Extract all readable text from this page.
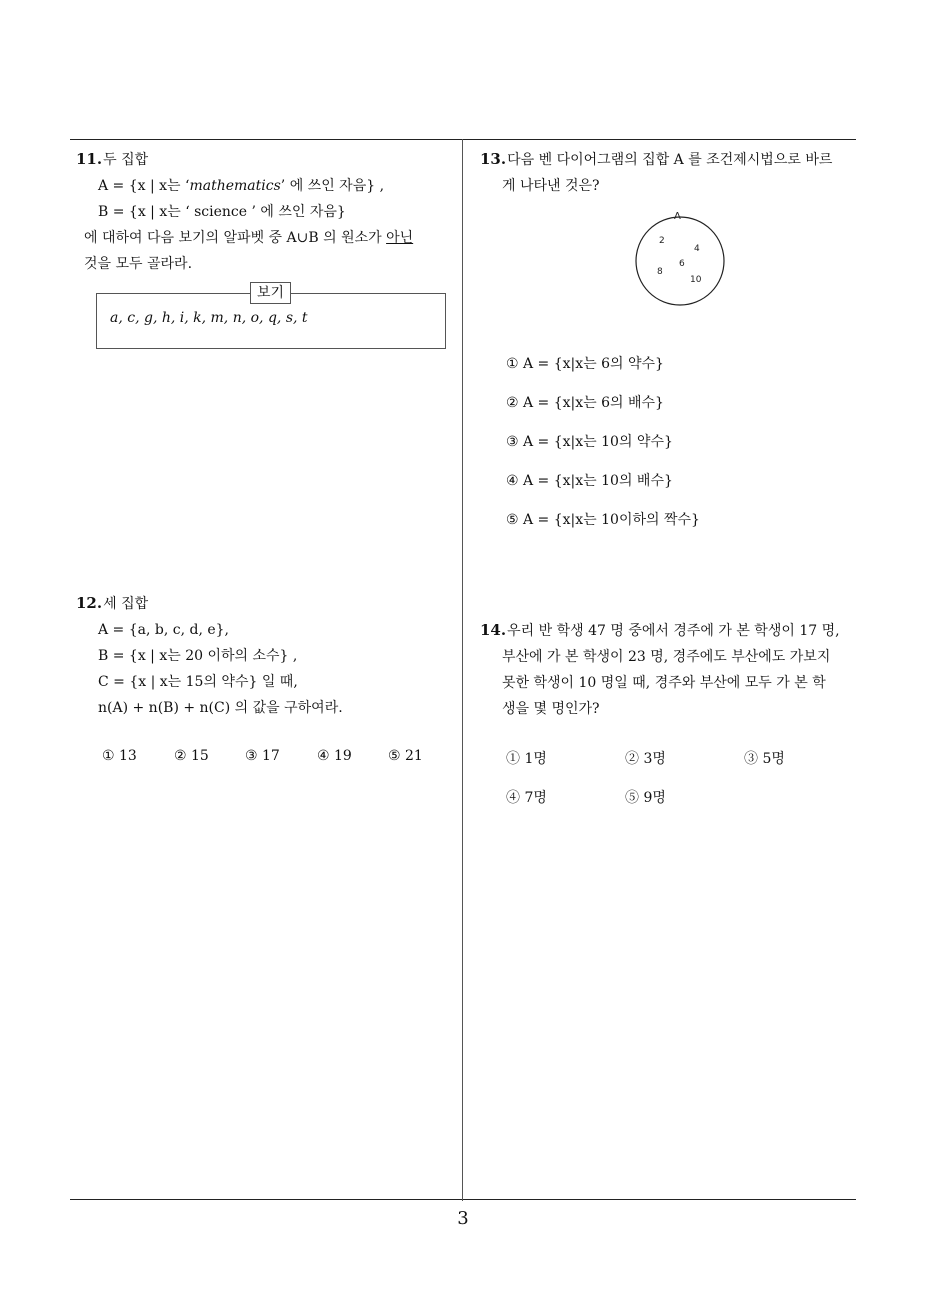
11.두 집합
A = {x | x는 ‘mathematics’ 에 쓰인 자음} ,
B = {x | x는 ‘ science ’ 에 쓰인 자음}
에 대하여 다음 보기의 알파벳 중 A∪B 의 원소가 아닌
것을 모두 골라라.
보기
a, c, g, h, i, k, m, n, o, q, s, t
12.세 집합
A = {a, b, c, d, e},
B = {x | x는 20 이하의 소수} ,
C = {x | x는 15의 약수} 일 때,
n(A) + n(B) + n(C) 의 값을 구하여라.
① 13	② 15	③ 17	④ 19	⑤ 21
13.다음 벤 다이어그램의 집합 A 를 조건제시법으로 바르
게 나타낸 것은?
A
2
4
6
8
10
① A = {x|x는 6의 약수}
② A = {x|x는 6의 배수}
③ A = {x|x는 10의 약수}
④ A = {x|x는 10의 배수}
⑤ A = {x|x는 10이하의 짝수}
14.우리 반 학생 47 명 중에서 경주에 가 본 학생이 17 명,
부산에 가 본 학생이 23 명, 경주에도 부산에도 가보지
못한 학생이 10 명일 때, 경주와 부산에 모두 가 본 학
생을 몇 명인가?
① 1명	② 3명	③ 5명
④ 7명	⑤ 9명
3
